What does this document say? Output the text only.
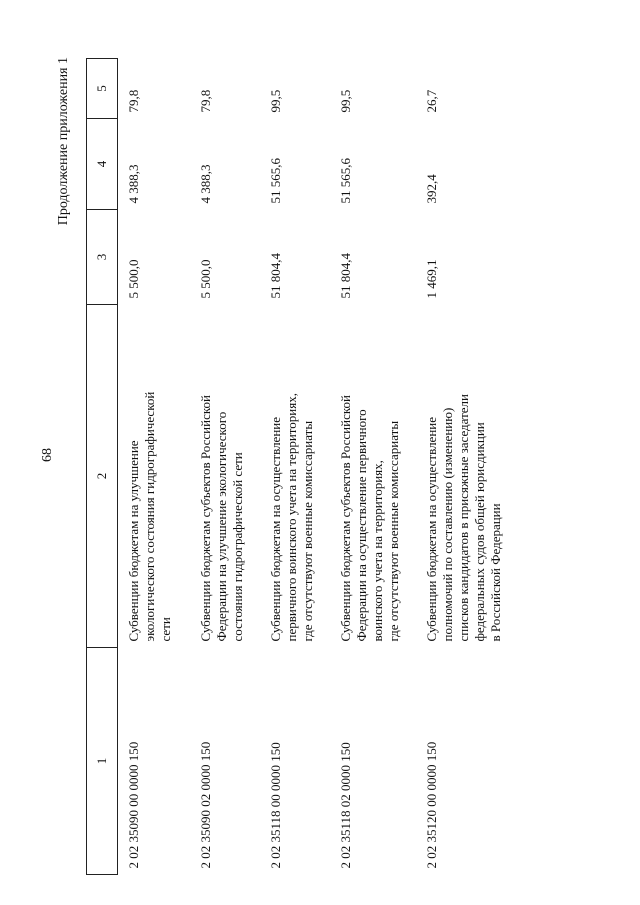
68
Продолжение приложения 1
1	2	3	4	5
2 02 35090 00 0000 150	Субвенции бюджетам на улучшение экологического состояния гидрографической сети	5 500,0	4 388,3	79,8
2 02 35090 02 0000 150	Субвенции бюджетам субъектов Российской Федерации на улучшение экологического состояния гидрографической сети	5 500,0	4 388,3	79,8
2 02 35118 00 0000 150	Субвенции бюджетам на осуществление первичного воинского учета на территориях, где отсутствуют военные комиссариаты	51 804,4	51 565,6	99,5
2 02 35118 02 0000 150	Субвенции бюджетам субъектов Российской Федерации на осуществление первичного воинского учета на территориях, где отсутствуют военные комиссариаты	51 804,4	51 565,6	99,5
2 02 35120 00 0000 150	Субвенции бюджетам на осуществление полномочий по составлению (изменению) списков кандидатов в присяжные заседатели федеральных судов общей юрисдикции в Российской Федерации	1 469,1	392,4	26,7
